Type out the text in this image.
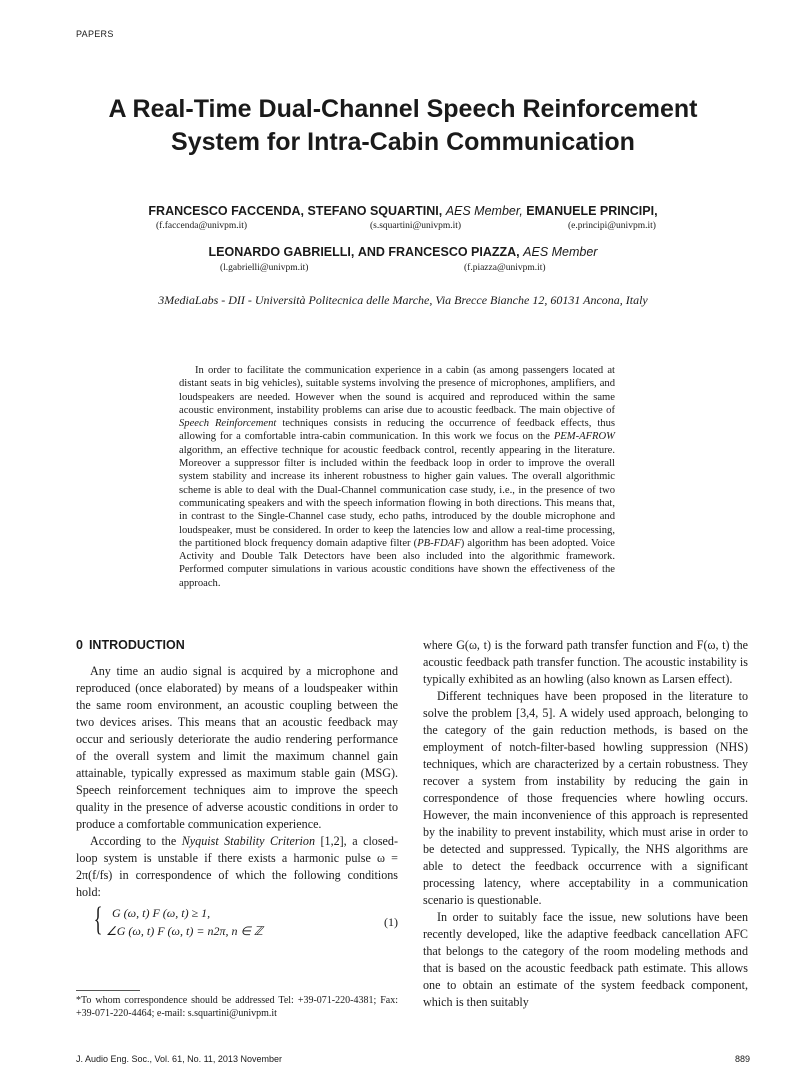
PAPERS
A Real-Time Dual-Channel Speech Reinforcement
System for Intra-Cabin Communication
FRANCESCO FACCENDA, STEFANO SQUARTINI, AES Member, EMANUELE PRINCIPI,
(f.faccenda@univpm.it)	(s.squartini@univpm.it)	(e.principi@univpm.it)
LEONARDO GABRIELLI, AND FRANCESCO PIAZZA, AES Member
(l.gabrielli@univpm.it)	(f.piazza@univpm.it)
3MediaLabs - DII - Università Politecnica delle Marche, Via Brecce Bianche 12, 60131 Ancona, Italy
In order to facilitate the communication experience in a cabin (as among passengers located at distant seats in big vehicles), suitable systems involving the presence of microphones, amplifiers, and loudspeakers are needed. However when the sound is acquired and reproduced within the same acoustic environment, instability problems can arise due to acoustic feedback. The main objective of Speech Reinforcement techniques consists in reducing the occurrence of feedback effects, thus allowing for a comfortable intra-cabin communication. In this work we focus on the PEM-AFROW algorithm, an effective technique for acoustic feedback control, recently appearing in the literature. Moreover a suppressor filter is included within the feedback loop in order to improve the overall system stability and increase its inherent robustness to higher gain values. The overall algorithmic scheme is able to deal with the Dual-Channel communication case study, i.e., in the presence of two communicating speakers and with the speech information flowing in both directions. This means that, in contrast to the Single-Channel case study, echo paths, introduced by the double microphone and loudspeaker, must be considered. In order to keep the latencies low and allow a real-time processing, the partitioned block frequency domain adaptive filter (PB-FDAF) algorithm has been adopted. Voice Activity and Double Talk Detectors have been also included into the algorithmic framework. Performed computer simulations in various acoustic conditions have shown the effectiveness of the approach.
0 INTRODUCTION

Any time an audio signal is acquired by a microphone and reproduced (once elaborated) by means of a loudspeaker within the same room environment, an acoustic coupling between the two devices arises. This means that an acoustic feedback may occur and seriously deteriorate the audio rendering performance of the overall system and limit the maximum channel gain attainable, typically expressed as maximum stable gain (MSG). Speech reinforcement techniques aim to improve the speech quality in the presence of adverse acoustic conditions in order to produce a comfortable communication experience.

According to the Nyquist Stability Criterion [1,2], a closed-loop system is unstable if there exists a harmonic pulse ω = 2π(f/fs) in correspondence of which the following conditions hold:

{ G (ω, t) F (ω, t) ≥ 1,
∠G (ω, t) F (ω, t) = n2π, n ∈ ℤ
(1)

where G(ω, t) is the forward path transfer function and F(ω, t) the acoustic feedback path transfer function. The acoustic instability is typically exhibited as an howling (also known as Larsen effect).

Different techniques have been proposed in the literature to solve the problem [3,4, 5]. A widely used approach, belonging to the category of the gain reduction methods, is based on the employment of notch-filter-based howling suppression (NHS) techniques, which are characterized by a certain robustness. They recover a system from instability by reducing the gain in correspondence of those frequencies where howling occurs. However, the main inconvenience of this approach is represented by the inability to prevent instability, which must arise in order to be detected and suppressed. Typically, the NHS algorithms are able to detect the feedback occurrence with a significant processing latency, where acceptability in a communication scenario is questionable.

In order to suitably face the issue, new solutions have been recently developed, like the adaptive feedback cancellation AFC that belongs to the category of the room modeling methods and that is based on the acoustic feedback path estimate. This allows one to obtain an estimate of the system feedback component, which is then suitably

*To whom correspondence should be addressed Tel: +39-071-220-4381; Fax: +39-071-220-4464; e-mail: s.squartini@univpm.it
J. Audio Eng. Soc., Vol. 61, No. 11, 2013 November	889
